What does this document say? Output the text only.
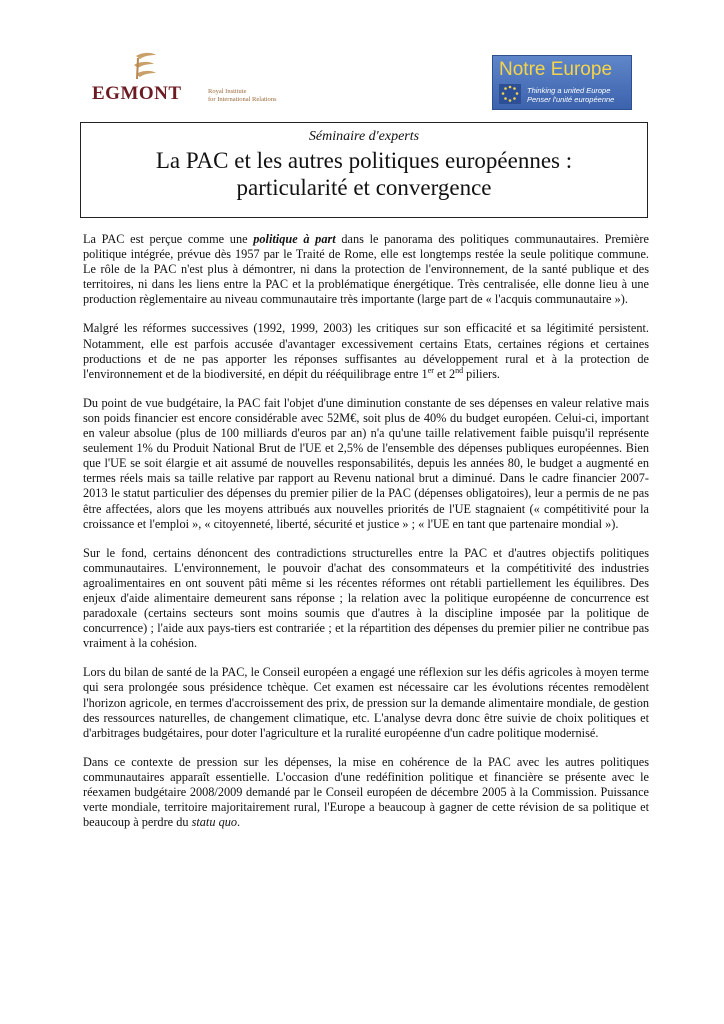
EGMONT	Royal Institute
for International Relations
Notre Europe
Thinking a united Europe
Penser l'unité européenne
Séminaire d'experts
La PAC et les autres politiques européennes :
particularité et convergence

La PAC est perçue comme une politique à part dans le panorama des politiques communautaires. Première politique intégrée, prévue dès 1957 par le Traité de Rome, elle est longtemps restée la seule politique commune. Le rôle de la PAC n'est plus à démontrer, ni dans la protection de l'environnement, de la santé publique et des territoires, ni dans les liens entre la PAC et la problématique énergétique. Très centralisée, elle donne lieu à une production règlementaire au niveau communautaire très importante (large part de « l'acquis communautaire »).

Malgré les réformes successives (1992, 1999, 2003) les critiques sur son efficacité et sa légitimité persistent. Notamment, elle est parfois accusée d'avantager excessivement certains Etats, certaines régions et certaines productions et de ne pas apporter les réponses suffisantes au développement rural et à la protection de l'environnement et de la biodiversité, en dépit du rééquilibrage entre 1er et 2nd piliers.

Du point de vue budgétaire, la PAC fait l'objet d'une diminution constante de ses dépenses en valeur relative mais son poids financier est encore considérable avec 52M€, soit plus de 40% du budget européen. Celui-ci, important en valeur absolue (plus de 100 milliards d'euros par an) n'a qu'une taille relativement faible puisqu'il représente seulement 1% du Produit National Brut de l'UE et 2,5% de l'ensemble des dépenses publiques européennes. Bien que l'UE se soit élargie et ait assumé de nouvelles responsabilités, depuis les années 80, le budget a augmenté en termes réels mais sa taille relative par rapport au Revenu national brut a diminué. Dans le cadre financier 2007-2013 le statut particulier des dépenses du premier pilier de la PAC (dépenses obligatoires), leur a permis de ne pas être affectées, alors que les moyens attribués aux nouvelles priorités de l'UE stagnaient (« compétitivité pour la croissance et l'emploi », « citoyenneté, liberté, sécurité et justice » ; « l'UE en tant que partenaire mondial »).

Sur le fond, certains dénoncent des contradictions structurelles entre la PAC et d'autres objectifs politiques communautaires. L'environnement, le pouvoir d'achat des consommateurs et la compétitivité des industries agroalimentaires en ont souvent pâti même si les récentes réformes ont rétabli partiellement les équilibres. Des enjeux d'aide alimentaire demeurent sans réponse ; la relation avec la politique européenne de concurrence est paradoxale (certains secteurs sont moins soumis que d'autres à la discipline imposée par la politique de concurrence) ; l'aide aux pays-tiers est contrariée ; et la répartition des dépenses du premier pilier ne contribue pas vraiment à la cohésion.

Lors du bilan de santé de la PAC, le Conseil européen a engagé une réflexion sur les défis agricoles à moyen terme qui sera prolongée sous présidence tchèque. Cet examen est nécessaire car les évolutions récentes remodèlent l'horizon agricole, en termes d'accroissement des prix, de pression sur la demande alimentaire mondiale, de gestion des ressources naturelles, de changement climatique, etc. L'analyse devra donc être suivie de choix politiques et d'arbitrages budgétaires, pour doter l'agriculture et la ruralité européenne d'un cadre politique modernisé.

Dans ce contexte de pression sur les dépenses, la mise en cohérence de la PAC avec les autres politiques communautaires apparaît essentielle. L'occasion d'une redéfinition politique et financière se présente avec le réexamen budgétaire 2008/2009 demandé par le Conseil européen de décembre 2005 à la Commission. Puissance verte mondiale, territoire majoritairement rural, l'Europe a beaucoup à gagner de cette révision de sa politique et beaucoup à perdre du statu quo.
